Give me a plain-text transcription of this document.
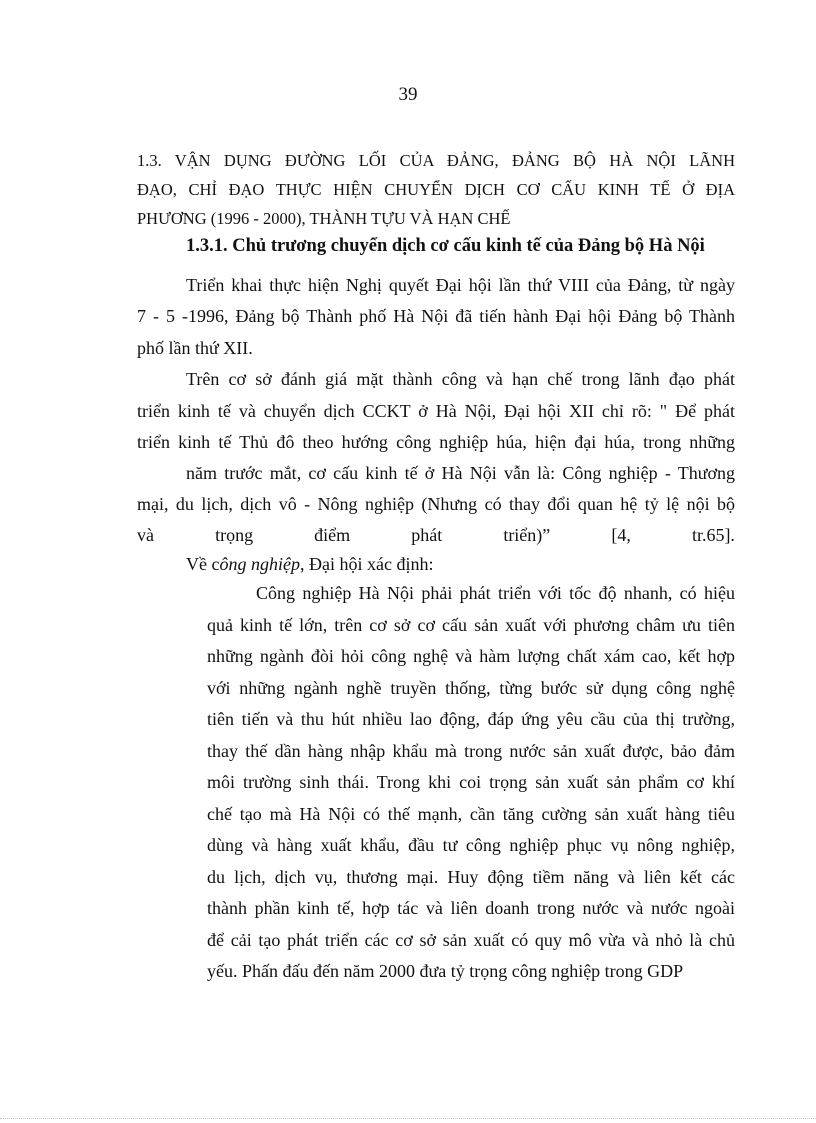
39
1.3. VẬN DỤNG ĐƯỜNG LỐI CỦA ĐẢNG, ĐẢNG BỘ HÀ NỘI LÃNH
ĐẠO, CHỈ ĐẠO THỰC HIỆN CHUYỂN DỊCH CƠ CẤU KINH TẾ Ở ĐỊA
PHƯƠNG (1996 - 2000), THÀNH TỰU VÀ HẠN CHẾ
1.3.1. Chủ trương chuyển dịch cơ cấu kinh tế của Đảng bộ Hà Nội
Triển khai thực hiện Nghị quyết Đại hội lần thứ VIII của Đảng, từ ngày
7 - 5 -1996, Đảng bộ Thành phố Hà Nội đã tiến hành Đại hội Đảng bộ Thành
phố lần thứ XII.
Trên cơ sở đánh giá mặt thành công và hạn chế trong lãnh đạo phát
triển kinh tế và chuyển dịch CCKT ở Hà Nội, Đại hội XII chỉ rõ: " Để phát
triển kinh tế Thủ đô theo hướng công nghiệp húa, hiện đại húa, trong những
năm trước mắt, cơ cấu kinh tế ở Hà Nội vẫn là: Công nghiệp - Thương
mại, du lịch, dịch vô - Nông nghiệp (Nhưng có thay đổi quan hệ tỷ lệ nội bộ
và	trọng	điểm	phát	triển)”	[4,	tr.65].
Về công nghiệp, Đại hội xác định:
Công nghiệp Hà Nội phải phát triển với tốc độ nhanh, có hiệu
quả kinh tế lớn, trên cơ sở cơ cấu sản xuất với phương châm ưu tiên
những ngành đòi hỏi công nghệ và hàm lượng chất xám cao, kết hợp
với những ngành nghề truyền thống, từng bước sử dụng công nghệ
tiên tiến và thu hút nhiều lao động, đáp ứng yêu cầu của thị trường,
thay thế dần hàng nhập khẩu mà trong nước sản xuất được, bảo đảm
môi trường sinh thái. Trong khi coi trọng sản xuất sản phẩm cơ khí
chế tạo mà Hà Nội có thế mạnh, cần tăng cường sản xuất hàng tiêu
dùng và hàng xuất khẩu, đầu tư công nghiệp phục vụ nông nghiệp,
du lịch, dịch vụ, thương mại. Huy động tiềm năng và liên kết các
thành phần kinh tế, hợp tác và liên doanh trong nước và nước ngoài
để cải tạo phát triển các cơ sở sản xuất có quy mô vừa và nhỏ là chủ
yếu. Phấn đấu đến năm 2000 đưa tỷ trọng công nghiệp trong GDP
